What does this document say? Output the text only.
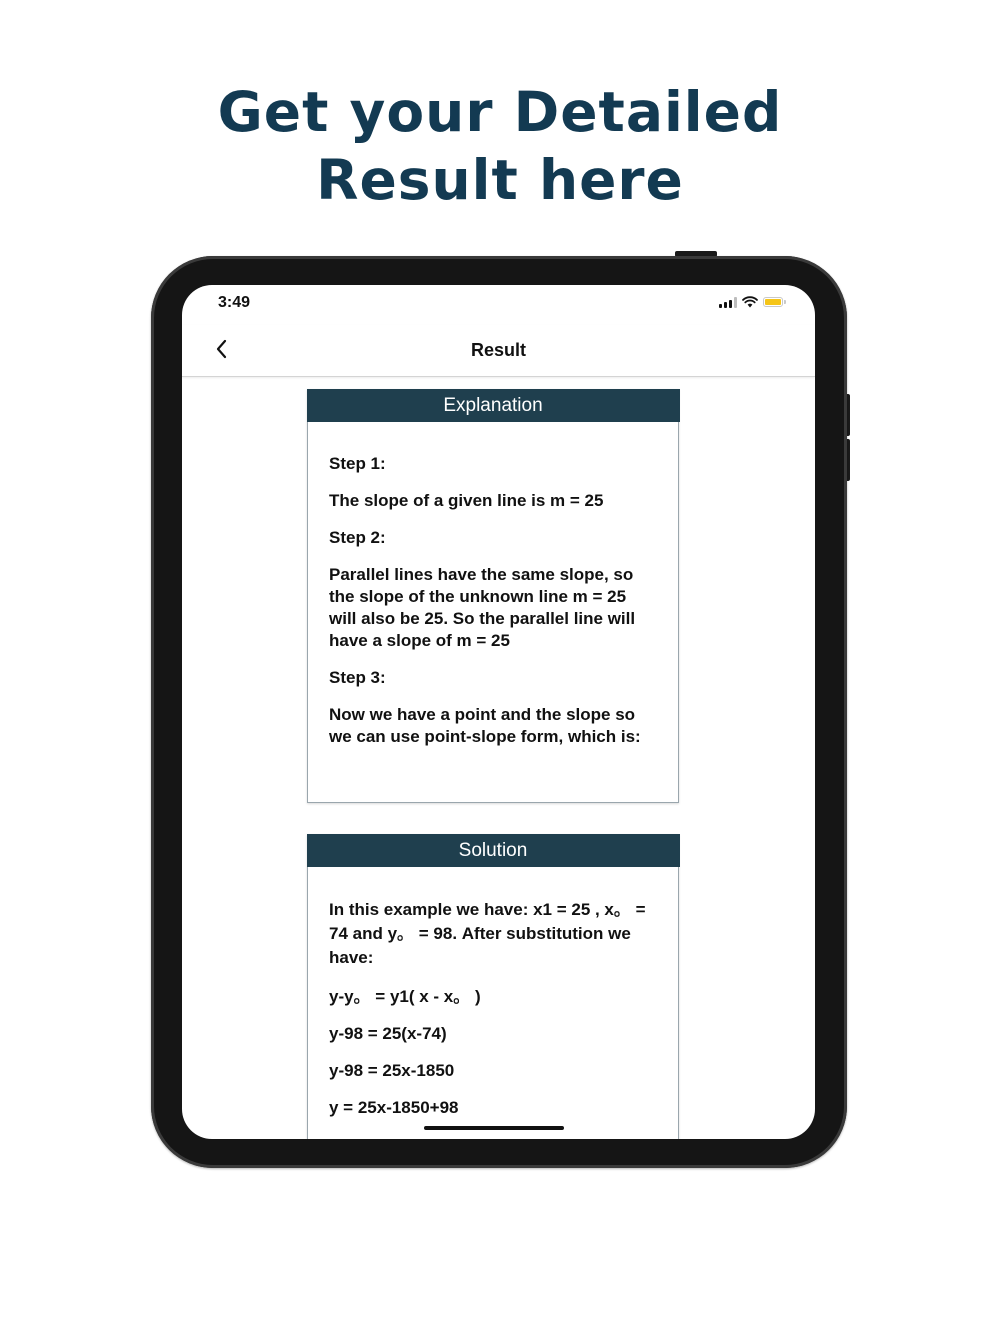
Get your Detailed
Result here
3:49
Result
Explanation

Step 1:

The slope of a given line is m = 25

Step 2:

Parallel lines have the same slope, so the slope of the unknown line m = 25 will also be 25. So the parallel line will have a slope of m = 25

Step 3:

Now we have a point and the slope so we can use point-slope form, which is:

Solution

In this example we have: x1 = 25 , x。 = 74 and y。 = 98. After substitution we have:

y-y。 = y1( x - x。 )

y-98 = 25(x-74)

y-98 = 25x-1850

y = 25x-1850+98
